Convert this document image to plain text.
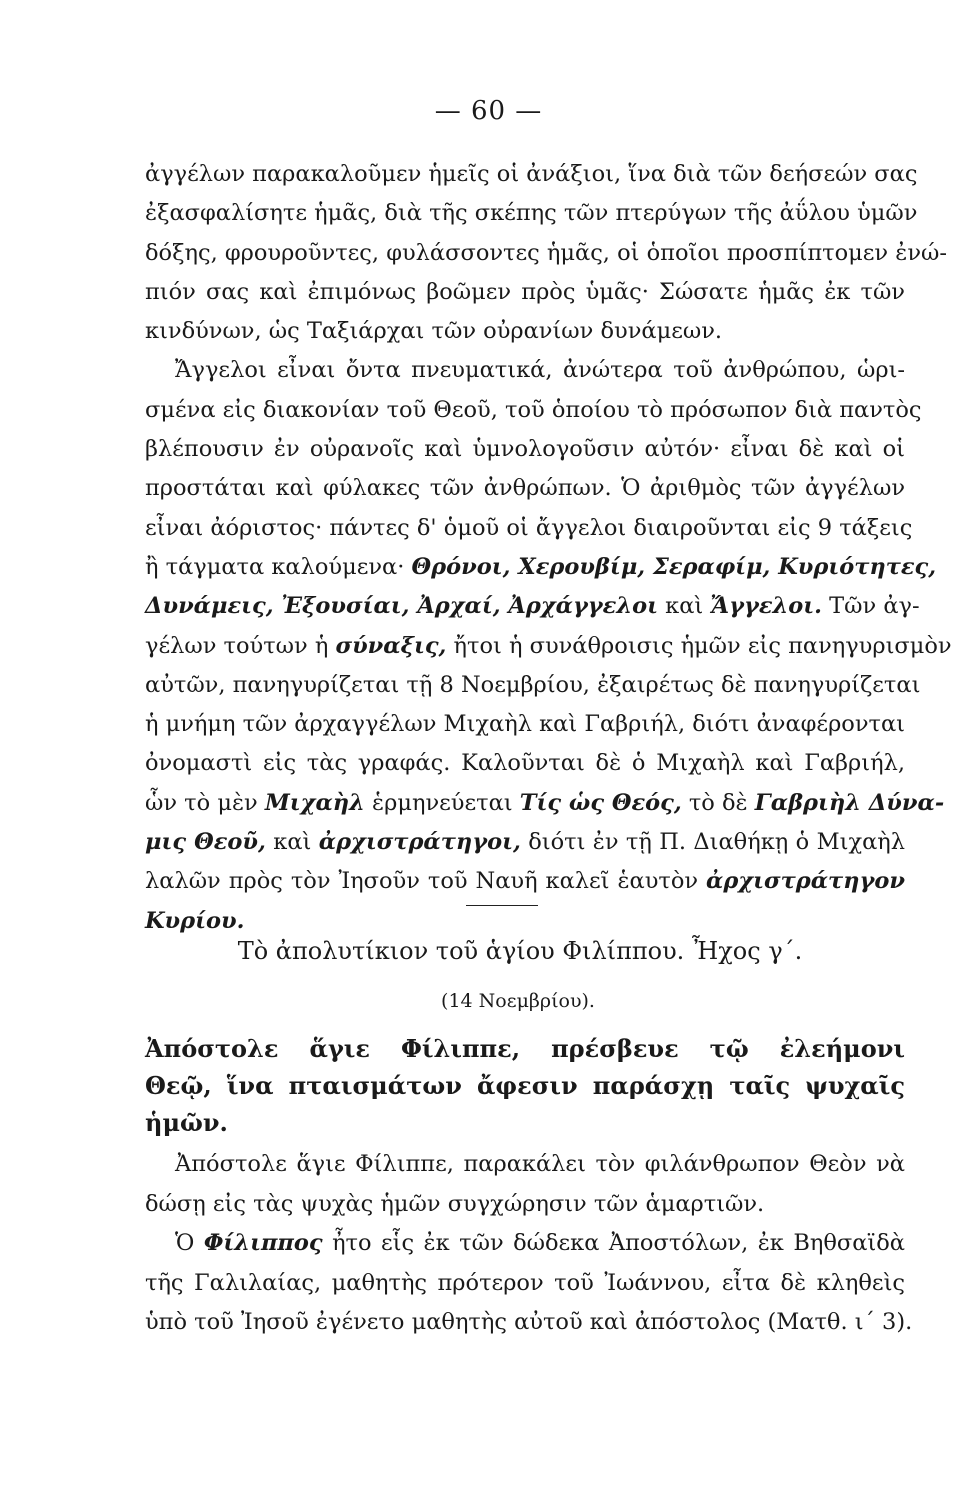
— 60 —
ἀγγέλων παρακαλοῦμεν ἡμεῖς οἱ ἀνάξιοι, ἵνα διὰ τῶν δεήσεών σας
ἐξασφαλίσητε ἡμᾶς, διὰ τῆς σκέπης τῶν πτερύγων τῆς ἀΰλου ὑμῶν
δόξης, φρουροῦντες, φυλάσσοντες ἡμᾶς, οἱ ὁποῖοι προσπίπτομεν ἐνώ-
πιόν σας καὶ ἐπιμόνως βοῶμεν πρὸς ὑμᾶς· Σώσατε ἡμᾶς ἐκ τῶν
κινδύνων, ὡς Ταξιάρχαι τῶν οὐρανίων δυνάμεων.
Ἄγγελοι εἶναι ὄντα πνευματικά, ἀνώτερα τοῦ ἀνθρώπου, ὡρι-
σμένα εἰς διακονίαν τοῦ Θεοῦ, τοῦ ὁποίου τὸ πρόσωπον διὰ παντὸς
βλέπουσιν ἐν οὐρανοῖς καὶ ὑμνολογοῦσιν αὐτόν· εἶναι δὲ καὶ οἱ
προστάται καὶ φύλακες τῶν ἀνθρώπων. Ὁ ἀριθμὸς τῶν ἀγγέλων
εἶναι ἀόριστος· πάντες δ' ὁμοῦ οἱ ἄγγελοι διαιροῦνται εἰς 9 τάξεις
ἢ τάγματα καλούμενα· Θρόνοι, Χερουβίμ, Σεραφίμ, Κυριότητες,
Δυνάμεις, Ἐξουσίαι, Ἀρχαί, Ἀρχάγγελοι καὶ Ἄγγελοι. Τῶν ἀγ-
γέλων τούτων ἡ σύναξις, ἤτοι ἡ συνάθροισις ἡμῶν εἰς πανηγυρισμὸν
αὐτῶν, πανηγυρίζεται τῇ 8 Νοεμβρίου, ἐξαιρέτως δὲ πανηγυρίζεται
ἡ μνήμη τῶν ἀρχαγγέλων Μιχαὴλ καὶ Γαβριήλ, διότι ἀναφέρονται
ὀνομαστὶ εἰς τὰς γραφάς. Καλοῦνται δὲ ὁ Μιχαὴλ καὶ Γαβριήλ,
ὧν τὸ μὲν Μιχαὴλ ἑρμηνεύεται Τίς ὡς Θεός, τὸ δὲ Γαβριὴλ Δύνα-
μις Θεοῦ, καὶ ἀρχιστράτηγοι, διότι ἐν τῇ Π. Διαθήκῃ ὁ Μιχαὴλ
λαλῶν πρὸς τὸν Ἰησοῦν τοῦ Ναυῆ καλεῖ ἑαυτὸν ἀρχιστράτηγον
Κυρίου.
Τὸ ἀπολυτίκιον τοῦ ἁγίου Φιλίππου. Ἦχος γ΄.
(14 Νοεμβρίου).
Ἀπόστολε ἅγιε Φίλιππε, πρέσβευε τῷ ἐλεήμονι
Θεῷ, ἵνα πταισμάτων ἄφεσιν παράσχῃ ταῖς ψυχαῖς
ἡμῶν.
Ἀπόστολε ἅγιε Φίλιππε, παρακάλει τὸν φιλάνθρωπον Θεὸν νὰ
δώσῃ εἰς τὰς ψυχὰς ἡμῶν συγχώρησιν τῶν ἁμαρτιῶν.
Ὁ Φίλιππος ἦτο εἷς ἐκ τῶν δώδεκα Ἀποστόλων, ἐκ Βηθσαϊδὰ
τῆς Γαλιλαίας, μαθητὴς πρότερον τοῦ Ἰωάννου, εἶτα δὲ κληθεὶς
ὑπὸ τοῦ Ἰησοῦ ἐγένετο μαθητὴς αὐτοῦ καὶ ἀπόστολος (Ματθ. ι΄ 3).
